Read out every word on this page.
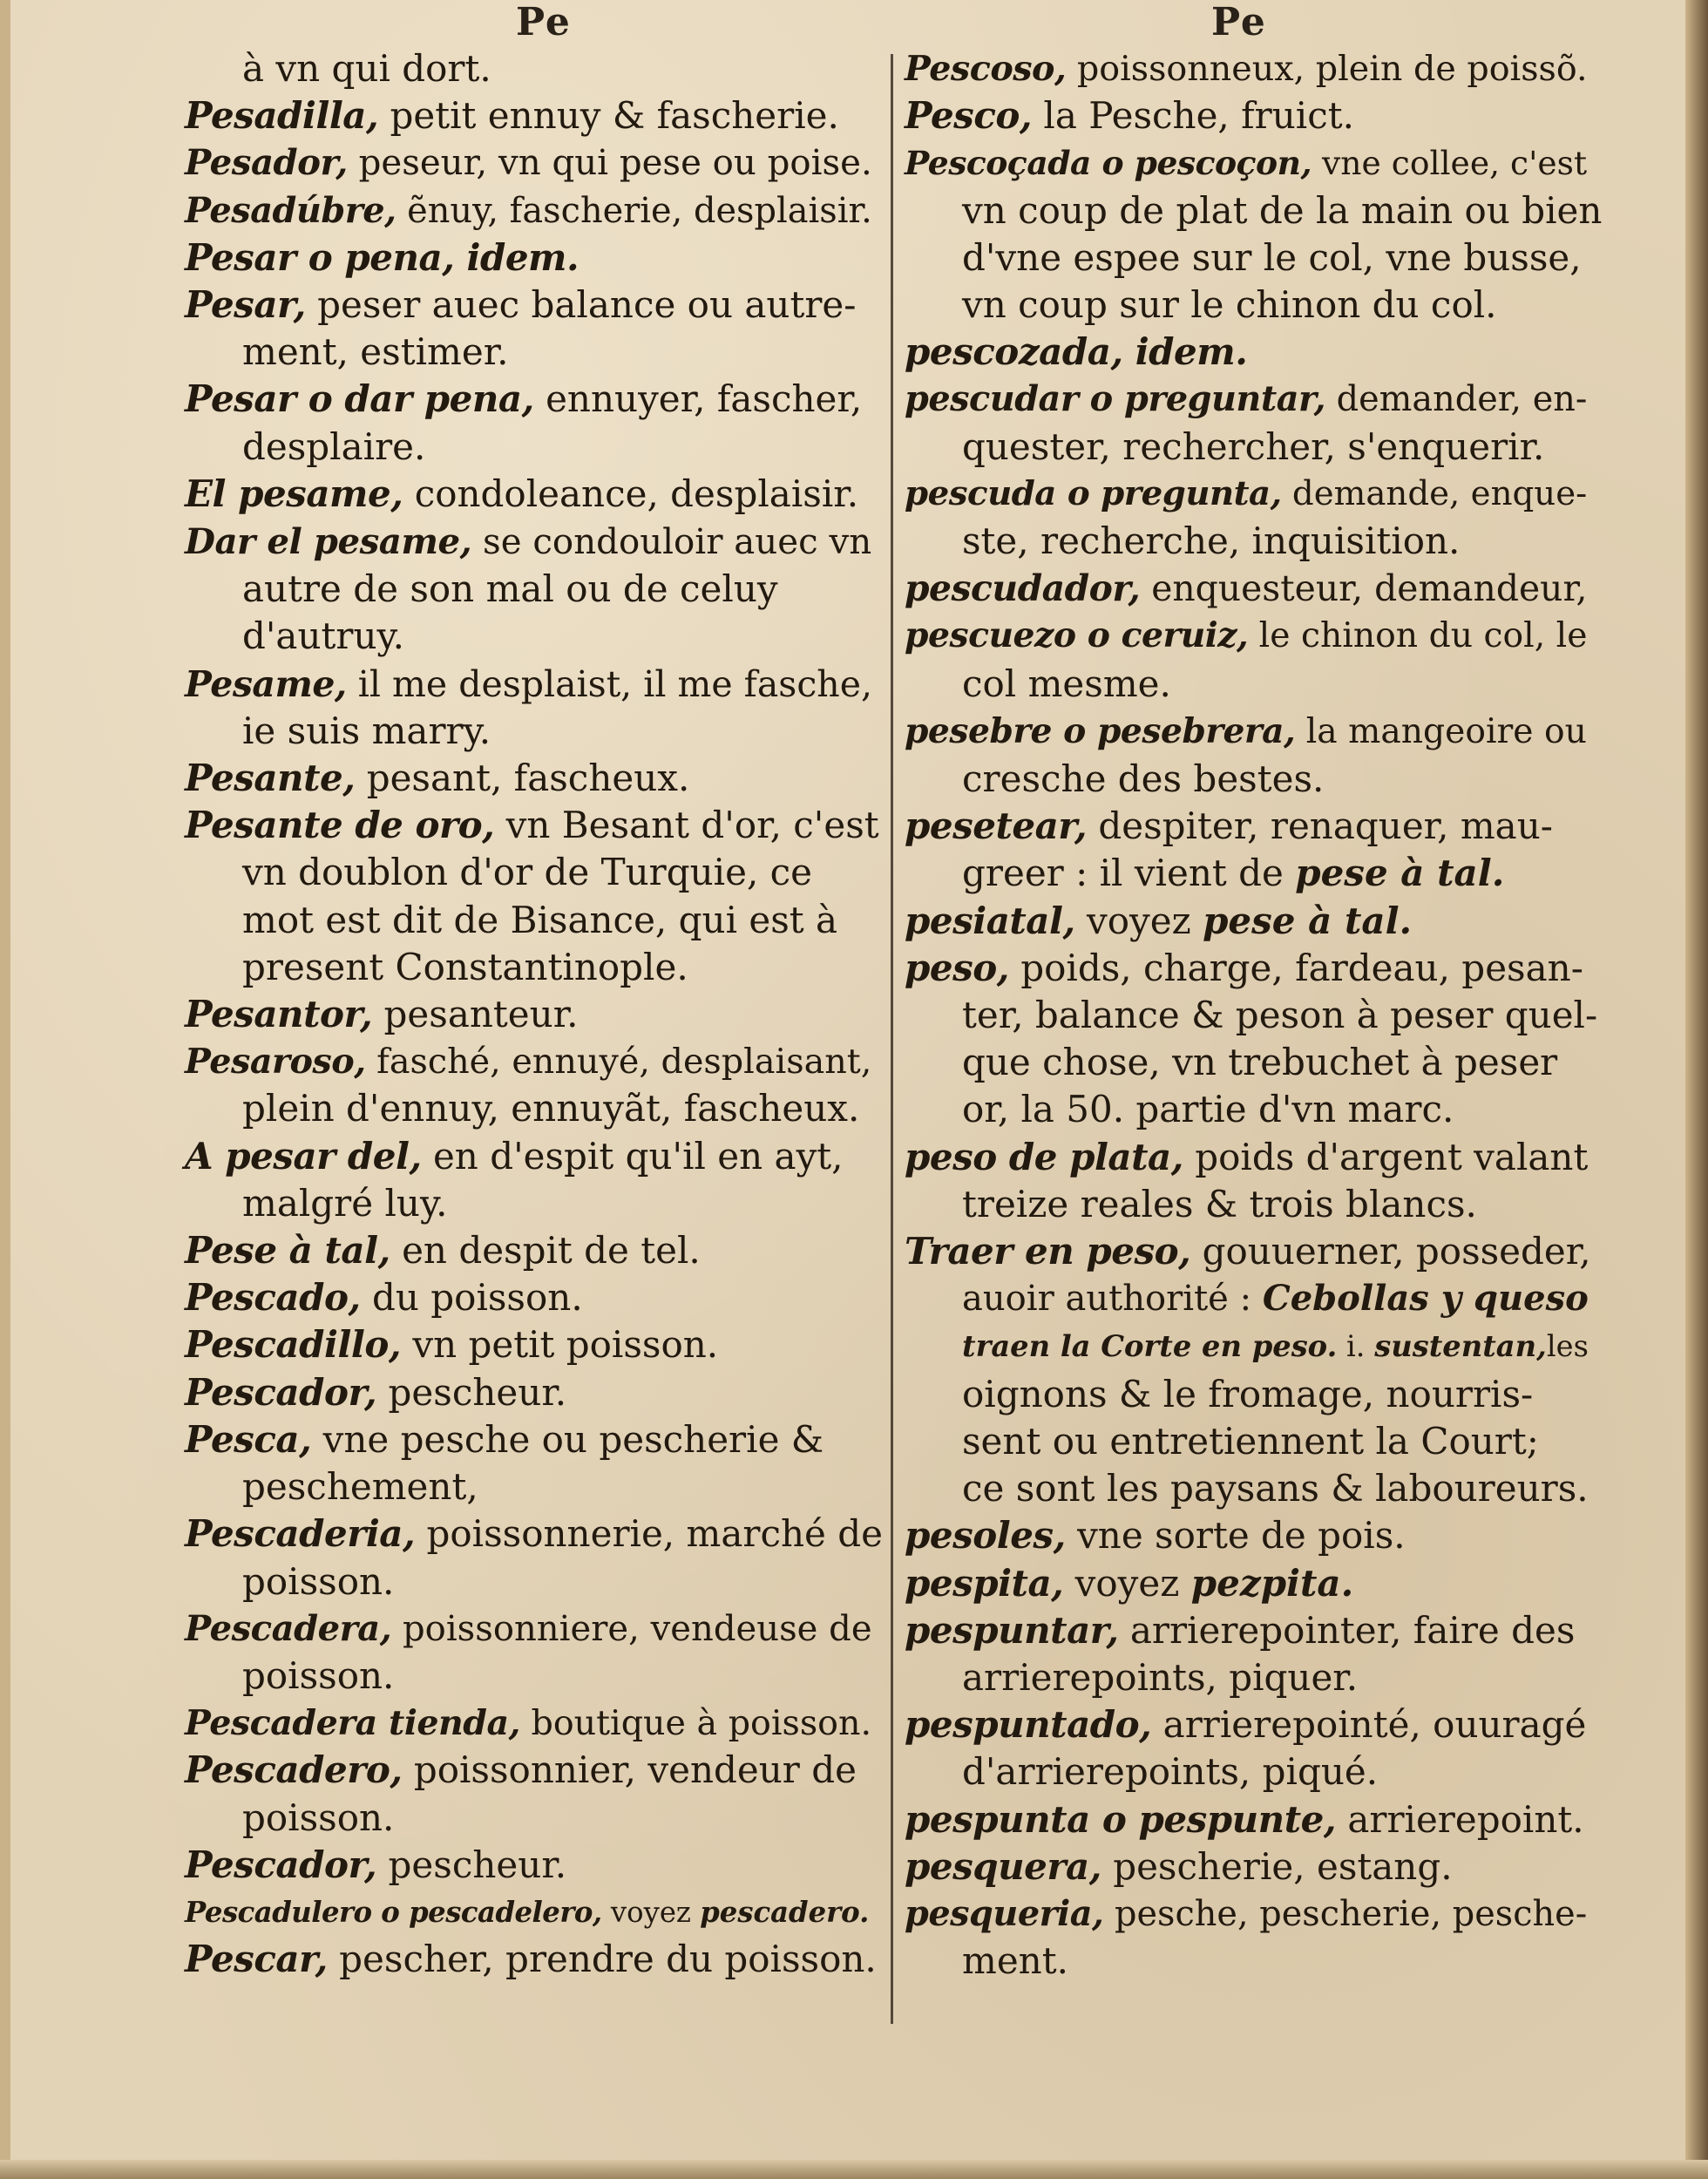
Pe	Pe
à vn qui dort.
Pesadilla, petit ennuy & fascherie.
Pesador, peseur, vn qui pese ou poise.
Pesadúbre, ẽnuy, fascherie, desplaisir.
Pesar o pena, idem.
Pesar, peser auec balance ou autre-
ment, estimer.
Pesar o dar pena, ennuyer, fascher,
desplaire.
El pesame, condoleance, desplaisir.
Dar el pesame, se condouloir auec vn
autre de son mal ou de celuy
d'autruy.
Pesame, il me desplaist, il me fasche,
ie suis marry.
Pesante, pesant, fascheux.
Pesante de oro, vn Besant d'or, c'est
vn doublon d'or de Turquie, ce
mot est dit de Bisance, qui est à
present Constantinople.
Pesantor, pesanteur.
Pesaroso, fasché, ennuyé, desplaisant,
plein d'ennuy, ennuyãt, fascheux.
A pesar del, en d'espit qu'il en ayt,
malgré luy.
Pese à tal, en despit de tel.
Pescado, du poisson.
Pescadillo, vn petit poisson.
Pescador, pescheur.
Pesca, vne pesche ou pescherie &
peschement,
Pescaderia, poissonnerie, marché de
poisson.
Pescadera, poissonniere, vendeuse de
poisson.
Pescadera tienda, boutique à poisson.
Pescadero, poissonnier, vendeur de
poisson.
Pescador, pescheur.
Pescadulero o pescadelero, voyez pescadero.
Pescar, pescher, prendre du poisson.
Pescoso, poissonneux, plein de poissõ.
Pesco, la Pesche, fruict.
Pescoçada o pescoçon, vne collee, c'est
vn coup de plat de la main ou bien
d'vne espee sur le col, vne busse,
vn coup sur le chinon du col.
pescozada, idem.
pescudar o preguntar, demander, en-
quester, rechercher, s'enquerir.
pescuda o pregunta, demande, enque-
ste, recherche, inquisition.
pescudador, enquesteur, demandeur,
pescuezo o ceruiz, le chinon du col, le
col mesme.
pesebre o pesebrera, la mangeoire ou
cresche des bestes.
pesetear, despiter, renaquer, mau-
greer : il vient de pese à tal.
pesiatal, voyez pese à tal.
peso, poids, charge, fardeau, pesan-
ter, balance & peson à peser quel-
que chose, vn trebuchet à peser
or, la 50. partie d'vn marc.
peso de plata, poids d'argent valant
treize reales & trois blancs.
Traer en peso, gouuerner, posseder,
auoir authorité : Cebollas y queso
traen la Corte en peso. i. sustentan,les
oignons & le fromage, nourris-
sent ou entretiennent la Court;
ce sont les paysans & laboureurs.
pesoles, vne sorte de pois.
pespita, voyez pezpita.
pespuntar, arrierepointer, faire des
arrierepoints, piquer.
pespuntado, arrierepointé, ouuragé
d'arrierepoints, piqué.
pespunta o pespunte, arrierepoint.
pesquera, pescherie, estang.
pesqueria, pesche, pescherie, pesche-
ment.
